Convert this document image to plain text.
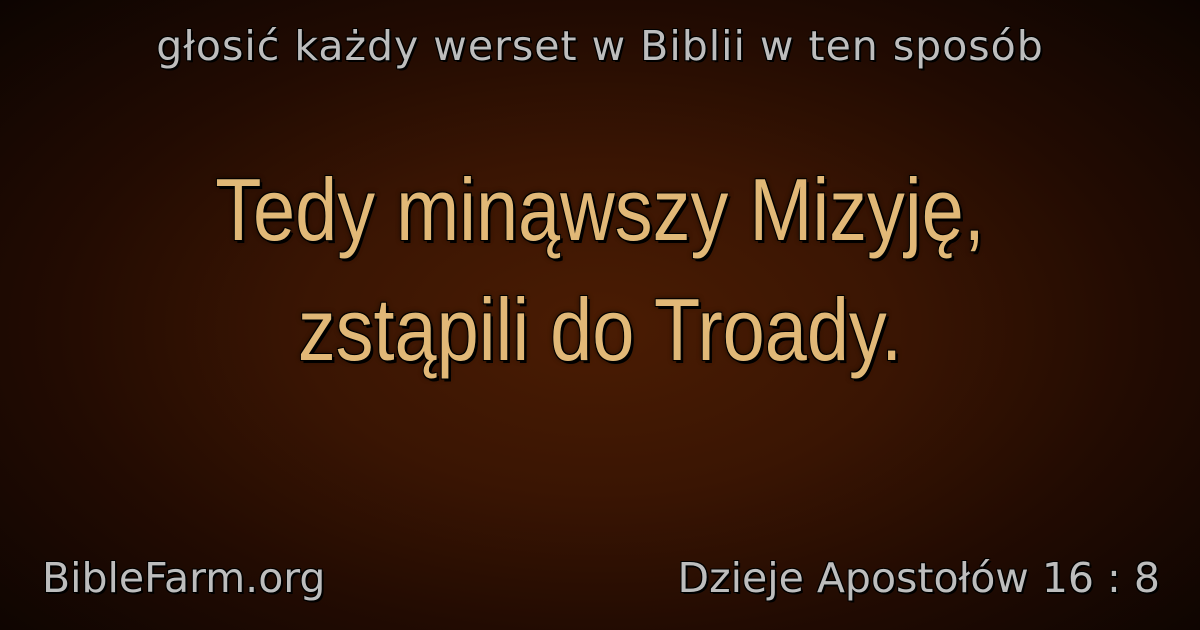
głosić każdy werset w Biblii w ten sposób
Tedy minąwszy Mizyję,
zstąpili do Troady.
BibleFarm.org	Dzieje Apostołów 16 : 8
